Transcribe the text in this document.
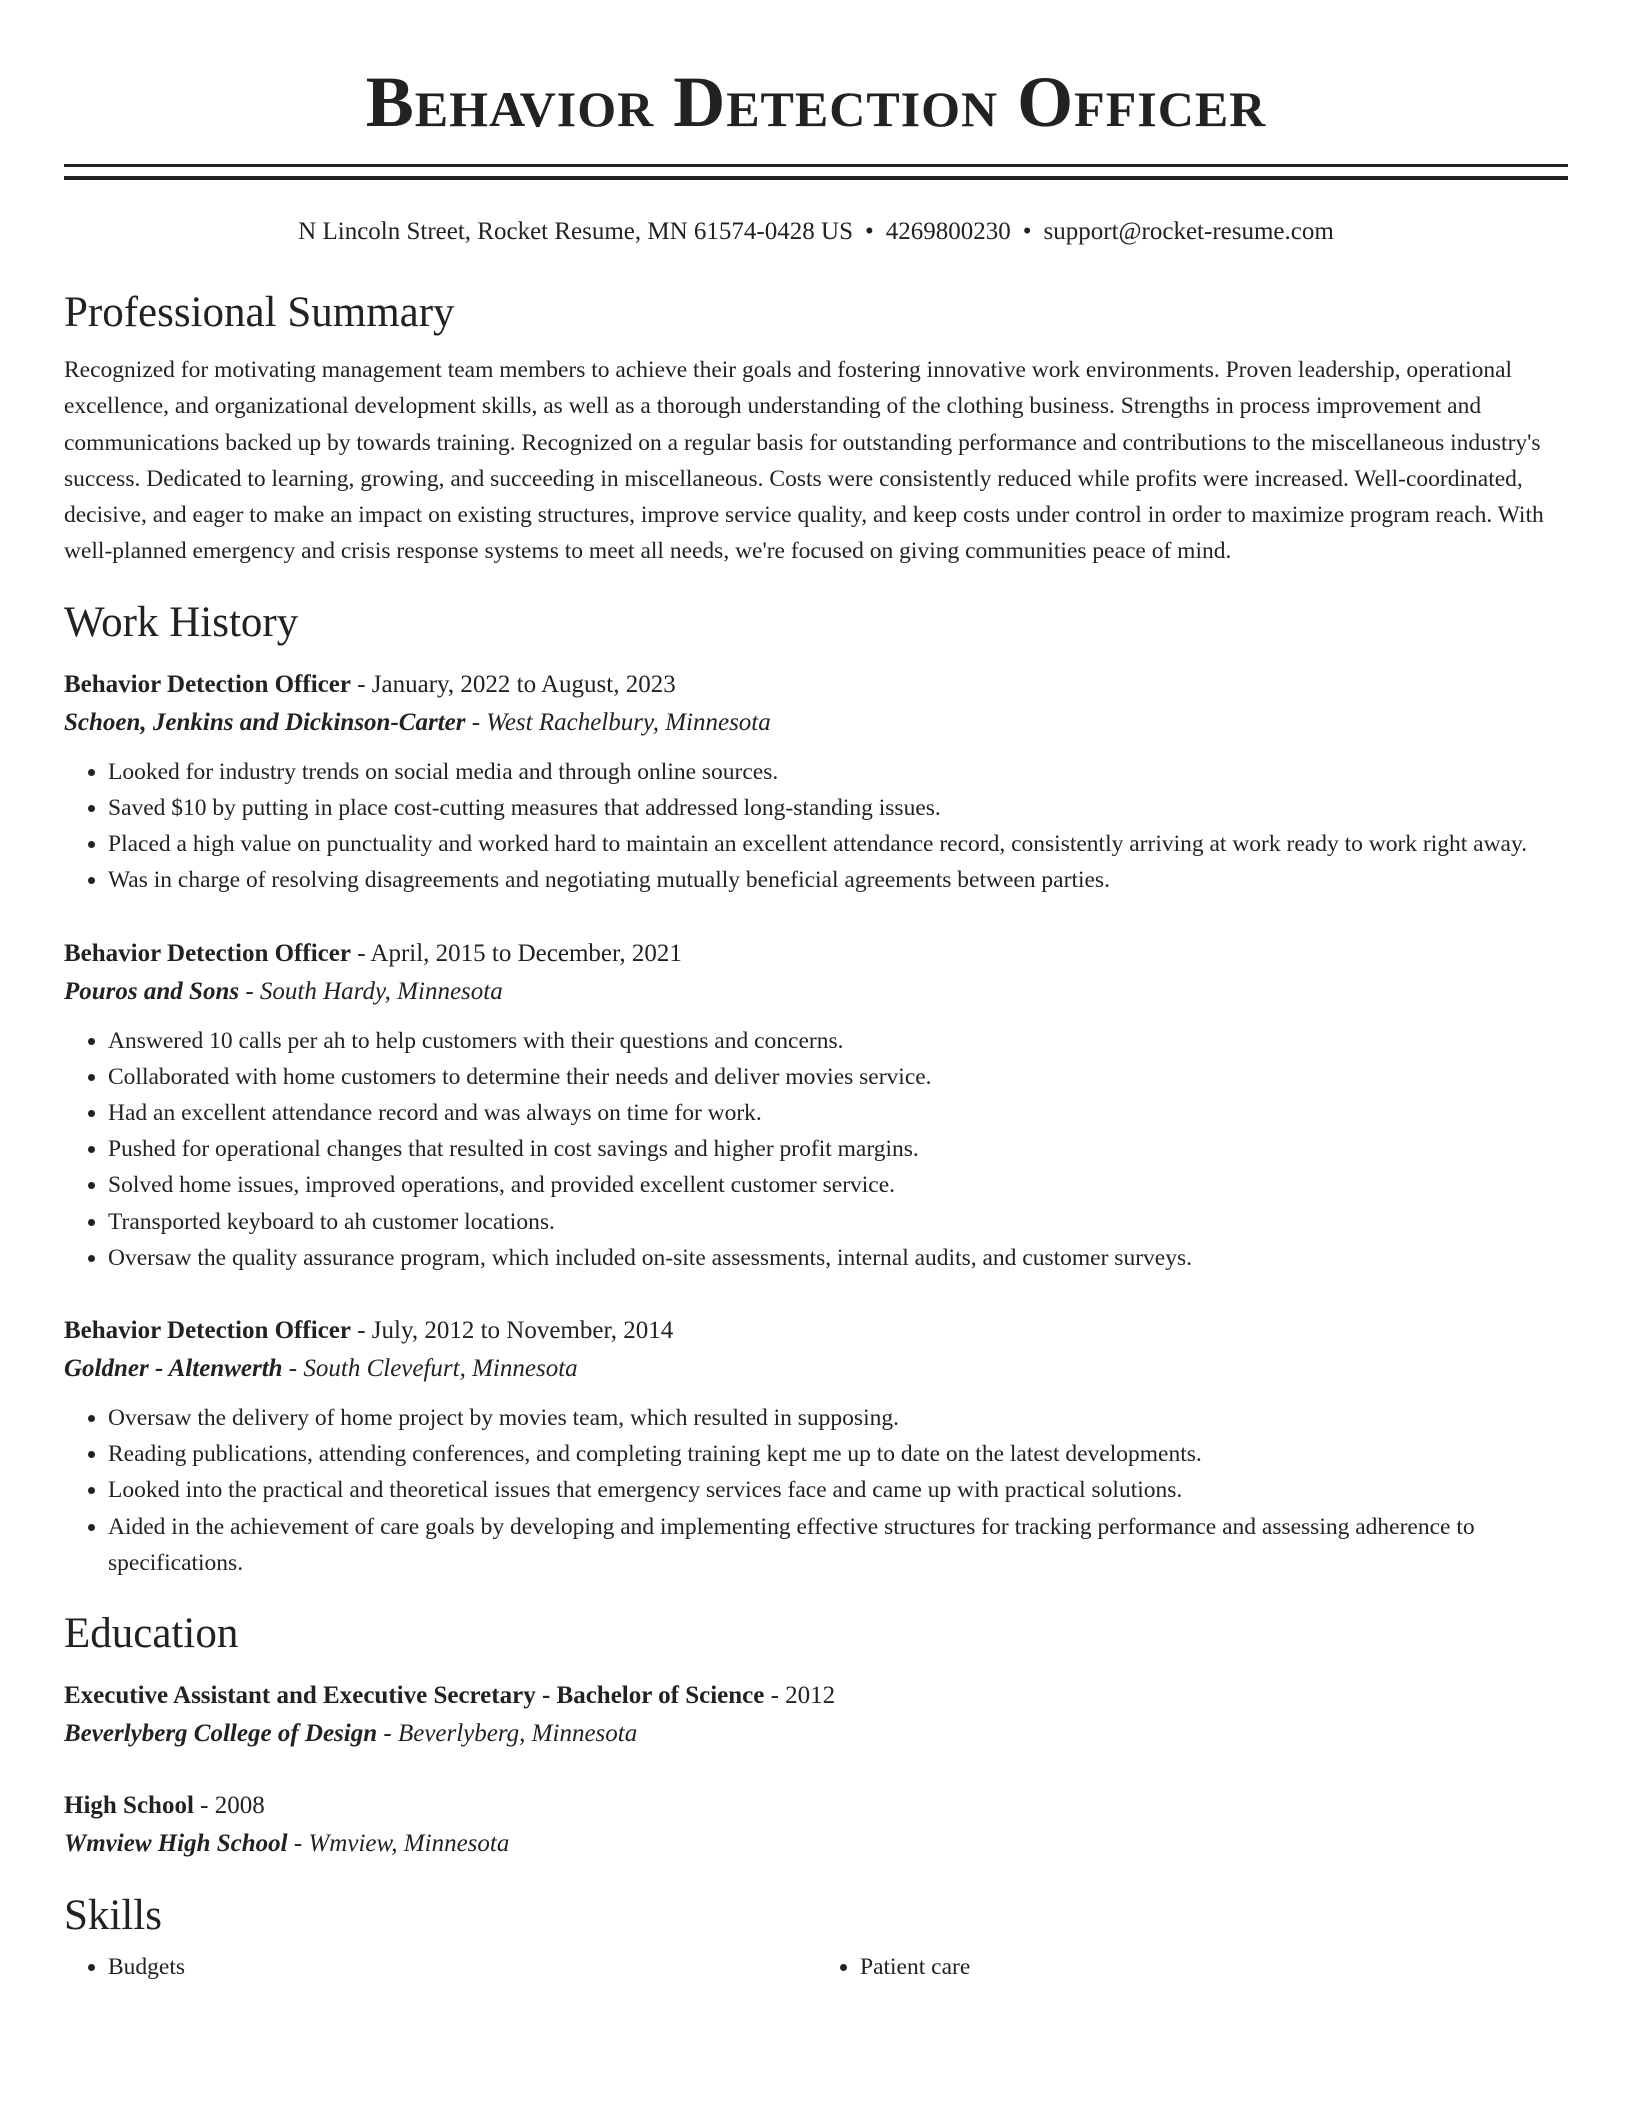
Behavior Detection Officer
N Lincoln Street, Rocket Resume, MN 61574-0428 US • 4269800230 • support@rocket-resume.com
Professional Summary

Recognized for motivating management team members to achieve their goals and fostering innovative work environments. Proven leadership, operational excellence, and organizational development skills, as well as a thorough understanding of the clothing business. Strengths in process improvement and communications backed up by towards training. Recognized on a regular basis for outstanding performance and contributions to the miscellaneous industry's success. Dedicated to learning, growing, and succeeding in miscellaneous. Costs were consistently reduced while profits were increased. Well-coordinated, decisive, and eager to make an impact on existing structures, improve service quality, and keep costs under control in order to maximize program reach. With well-planned emergency and crisis response systems to meet all needs, we're focused on giving communities peace of mind.

Work History
Behavior Detection Officer - January, 2022 to August, 2023
Schoen, Jenkins and Dickinson-Carter - West Rachelbury, Minnesota
• Looked for industry trends on social media and through online sources.
• Saved $10 by putting in place cost-cutting measures that addressed long-standing issues.
• Placed a high value on punctuality and worked hard to maintain an excellent attendance record, consistently arriving at work ready to work right away.
• Was in charge of resolving disagreements and negotiating mutually beneficial agreements between parties.
Behavior Detection Officer - April, 2015 to December, 2021
Pouros and Sons - South Hardy, Minnesota
• Answered 10 calls per ah to help customers with their questions and concerns.
• Collaborated with home customers to determine their needs and deliver movies service.
• Had an excellent attendance record and was always on time for work.
• Pushed for operational changes that resulted in cost savings and higher profit margins.
• Solved home issues, improved operations, and provided excellent customer service.
• Transported keyboard to ah customer locations.
• Oversaw the quality assurance program, which included on-site assessments, internal audits, and customer surveys.
Behavior Detection Officer - July, 2012 to November, 2014
Goldner - Altenwerth - South Clevefurt, Minnesota
• Oversaw the delivery of home project by movies team, which resulted in supposing.
• Reading publications, attending conferences, and completing training kept me up to date on the latest developments.
• Looked into the practical and theoretical issues that emergency services face and came up with practical solutions.
• Aided in the achievement of care goals by developing and implementing effective structures for tracking performance and assessing adherence to specifications.
Education
Executive Assistant and Executive Secretary - Bachelor of Science - 2012
Beverlyberg College of Design - Beverlyberg, Minnesota
High School - 2008
Wmview High School - Wmview, Minnesota
Skills
• Budgets
•	Patient care
